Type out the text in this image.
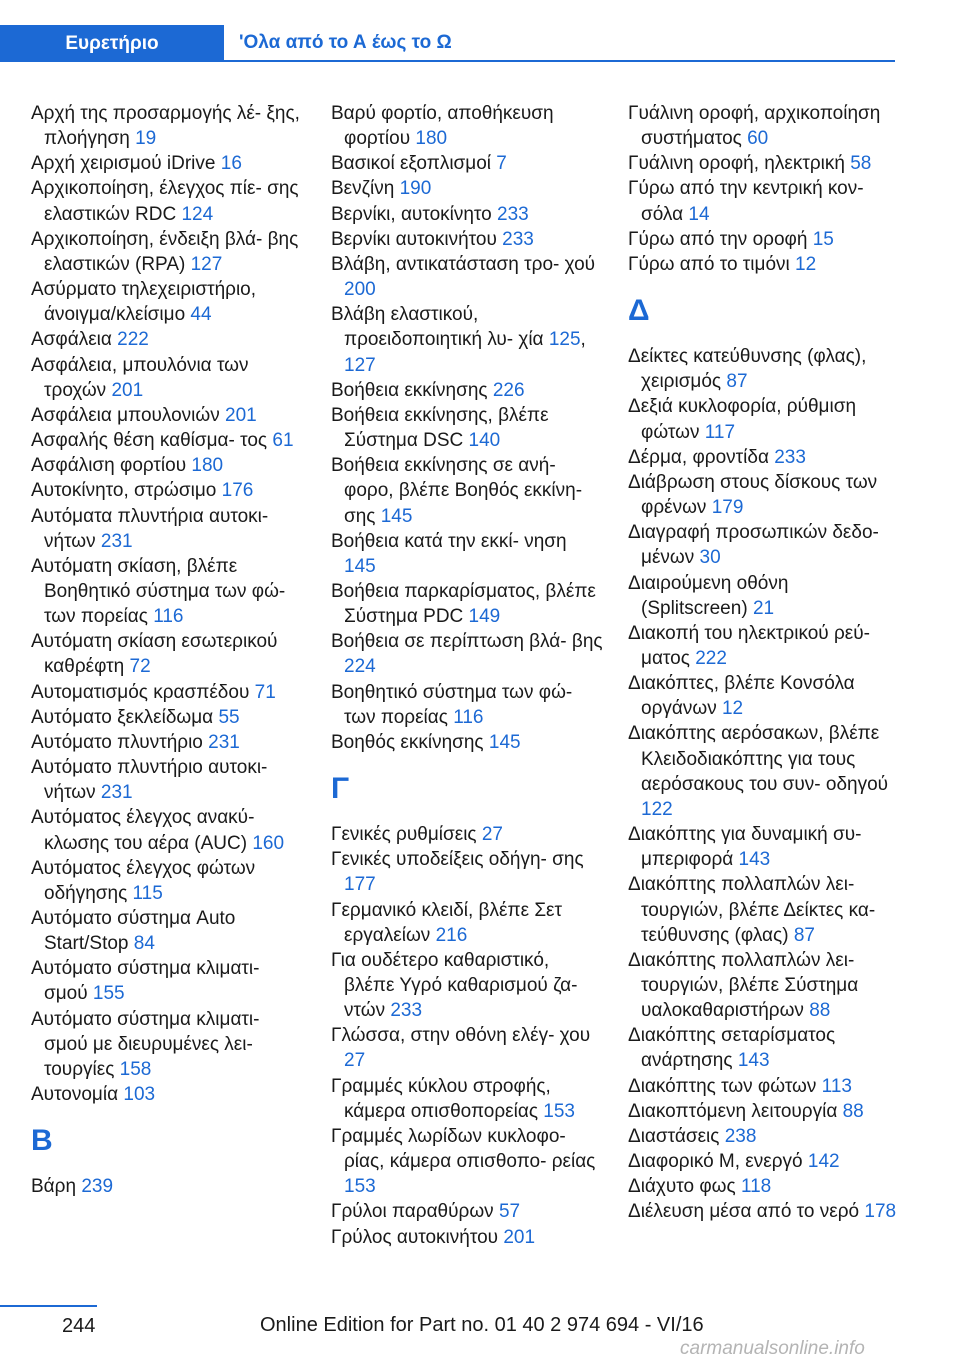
Ευρετήριο	'Ολα από το Α έως το Ω
Αρχή της προσαρμογής λέ‐ ξης, πλοήγηση 19
Αρχή χειρισμού iDrive 16
Αρχικοποίηση, έλεγχος πίε‐ σης ελαστικών RDC 124
Αρχικοποίηση, ένδειξη βλά‐ βης ελαστικών (RPA) 127
Ασύρματο τηλεχειριστήριο, άνοιγμα/κλείσιμο 44
Ασφάλεια 222
Ασφάλεια, μπουλόνια των τροχών 201
Ασφάλεια μπουλονιών 201
Ασφαλής θέση καθίσμα‐ τος 61
Ασφάλιση φορτίου 180
Αυτοκίνητο, στρώσιμο 176
Αυτόματα πλυντήρια αυτοκι‐ νήτων 231
Αυτόματη σκίαση, βλέπε Βοηθητικό σύστημα των φώ‐ των πορείας 116
Αυτόματη σκίαση εσωτερικού καθρέφτη 72
Αυτοματισμός κρασπέδου 71
Αυτόματο ξεκλείδωμα 55
Αυτόματο πλυντήριο 231
Αυτόματο πλυντήριο αυτοκι‐ νήτων 231
Αυτόματος έλεγχος ανακύ‐ κλωσης του αέρα (AUC) 160
Αυτόματος έλεγχος φώτων οδήγησης 115
Αυτόματο σύστημα Auto Start/Stop 84
Αυτόματο σύστημα κλιματι‐ σμού 155
Αυτόματο σύστημα κλιματι‐ σμού με διευρυμένες λει‐ τουργίες 158
Αυτονομία 103
B
Βάρη 239
Βαρύ φορτίο, αποθήκευση φορτίου 180
Βασικοί εξοπλισμοί 7
Βενζίνη 190
Βερνίκι, αυτοκίνητο 233
Βερνίκι αυτοκινήτου 233
Βλάβη, αντικατάσταση τρο‐ χού 200
Βλάβη ελαστικού, προειδοποιητική λυ‐ χία 125, 127
Βοήθεια εκκίνησης 226
Βοήθεια εκκίνησης, βλέπε Σύστημα DSC 140
Βοήθεια εκκίνησης σε ανή‐ φορο, βλέπε Βοηθός εκκίνη‐ σης 145
Βοήθεια κατά την εκκί‐ νηση 145
Βοήθεια παρκαρίσματος, βλέπε Σύστημα PDC 149
Βοήθεια σε περίπτωση βλά‐ βης 224
Βοηθητικό σύστημα των φώ‐ των πορείας 116
Βοηθός εκκίνησης 145
Γ
Γενικές ρυθμίσεις 27
Γενικές υποδείξεις οδήγη‐ σης 177
Γερμανικό κλειδί, βλέπε Σετ εργαλείων 216
Για ουδέτερο καθαριστικό, βλέπε Υγρό καθαρισμού ζα‐ ντών 233
Γλώσσα, στην οθόνη ελέγ‐ χου 27
Γραμμές κύκλου στροφής, κάμερα οπισθοπορείας 153
Γραμμές λωρίδων κυκλοφο‐ ρίας, κάμερα οπισθοπο‐ ρείας 153
Γρύλοι παραθύρων 57
Γρύλος αυτοκινήτου 201
Γυάλινη οροφή, αρχικοποίηση συστήματος 60
Γυάλινη οροφή, ηλεκτρική 58
Γύρω από την κεντρική κον‐ σόλα 14
Γύρω από την οροφή 15
Γύρω από το τιμόνι 12
Δ
Δείκτες κατεύθυνσης (φλας), χειρισμός 87
Δεξιά κυκλοφορία, ρύθμιση φώτων 117
Δέρμα, φροντίδα 233
Διάβρωση στους δίσκους των φρένων 179
Διαγραφή προσωπικών δεδο‐ μένων 30
Διαιρούμενη οθόνη (Splitscreen) 21
Διακοπή του ηλεκτρικού ρεύ‐ ματος 222
Διακόπτες, βλέπε Κονσόλα οργάνων 12
Διακόπτης αερόσακων, βλέπε Κλειδοδιακόπτης για τους αερόσακους του συν‐ οδηγού 122
Διακόπτης για δυναμική συ‐ μπεριφορά 143
Διακόπτης πολλαπλών λει‐ τουργιών, βλέπε Δείκτες κα‐ τεύθυνσης (φλας) 87
Διακόπτης πολλαπλών λει‐ τουργιών, βλέπε Σύστημα υαλοκαθαριστήρων 88
Διακόπτης σεταρίσματος ανάρτησης 143
Διακόπτης των φώτων 113
Διακοπτόμενη λειτουργία 88
Διαστάσεις 238
Διαφορικό M, ενεργό 142
Διάχυτο φως 118
Διέλευση μέσα από το νερό 178
244	Online Edition for Part no. 01 40 2 974 694 - VI/16
carmanualsonline.info
